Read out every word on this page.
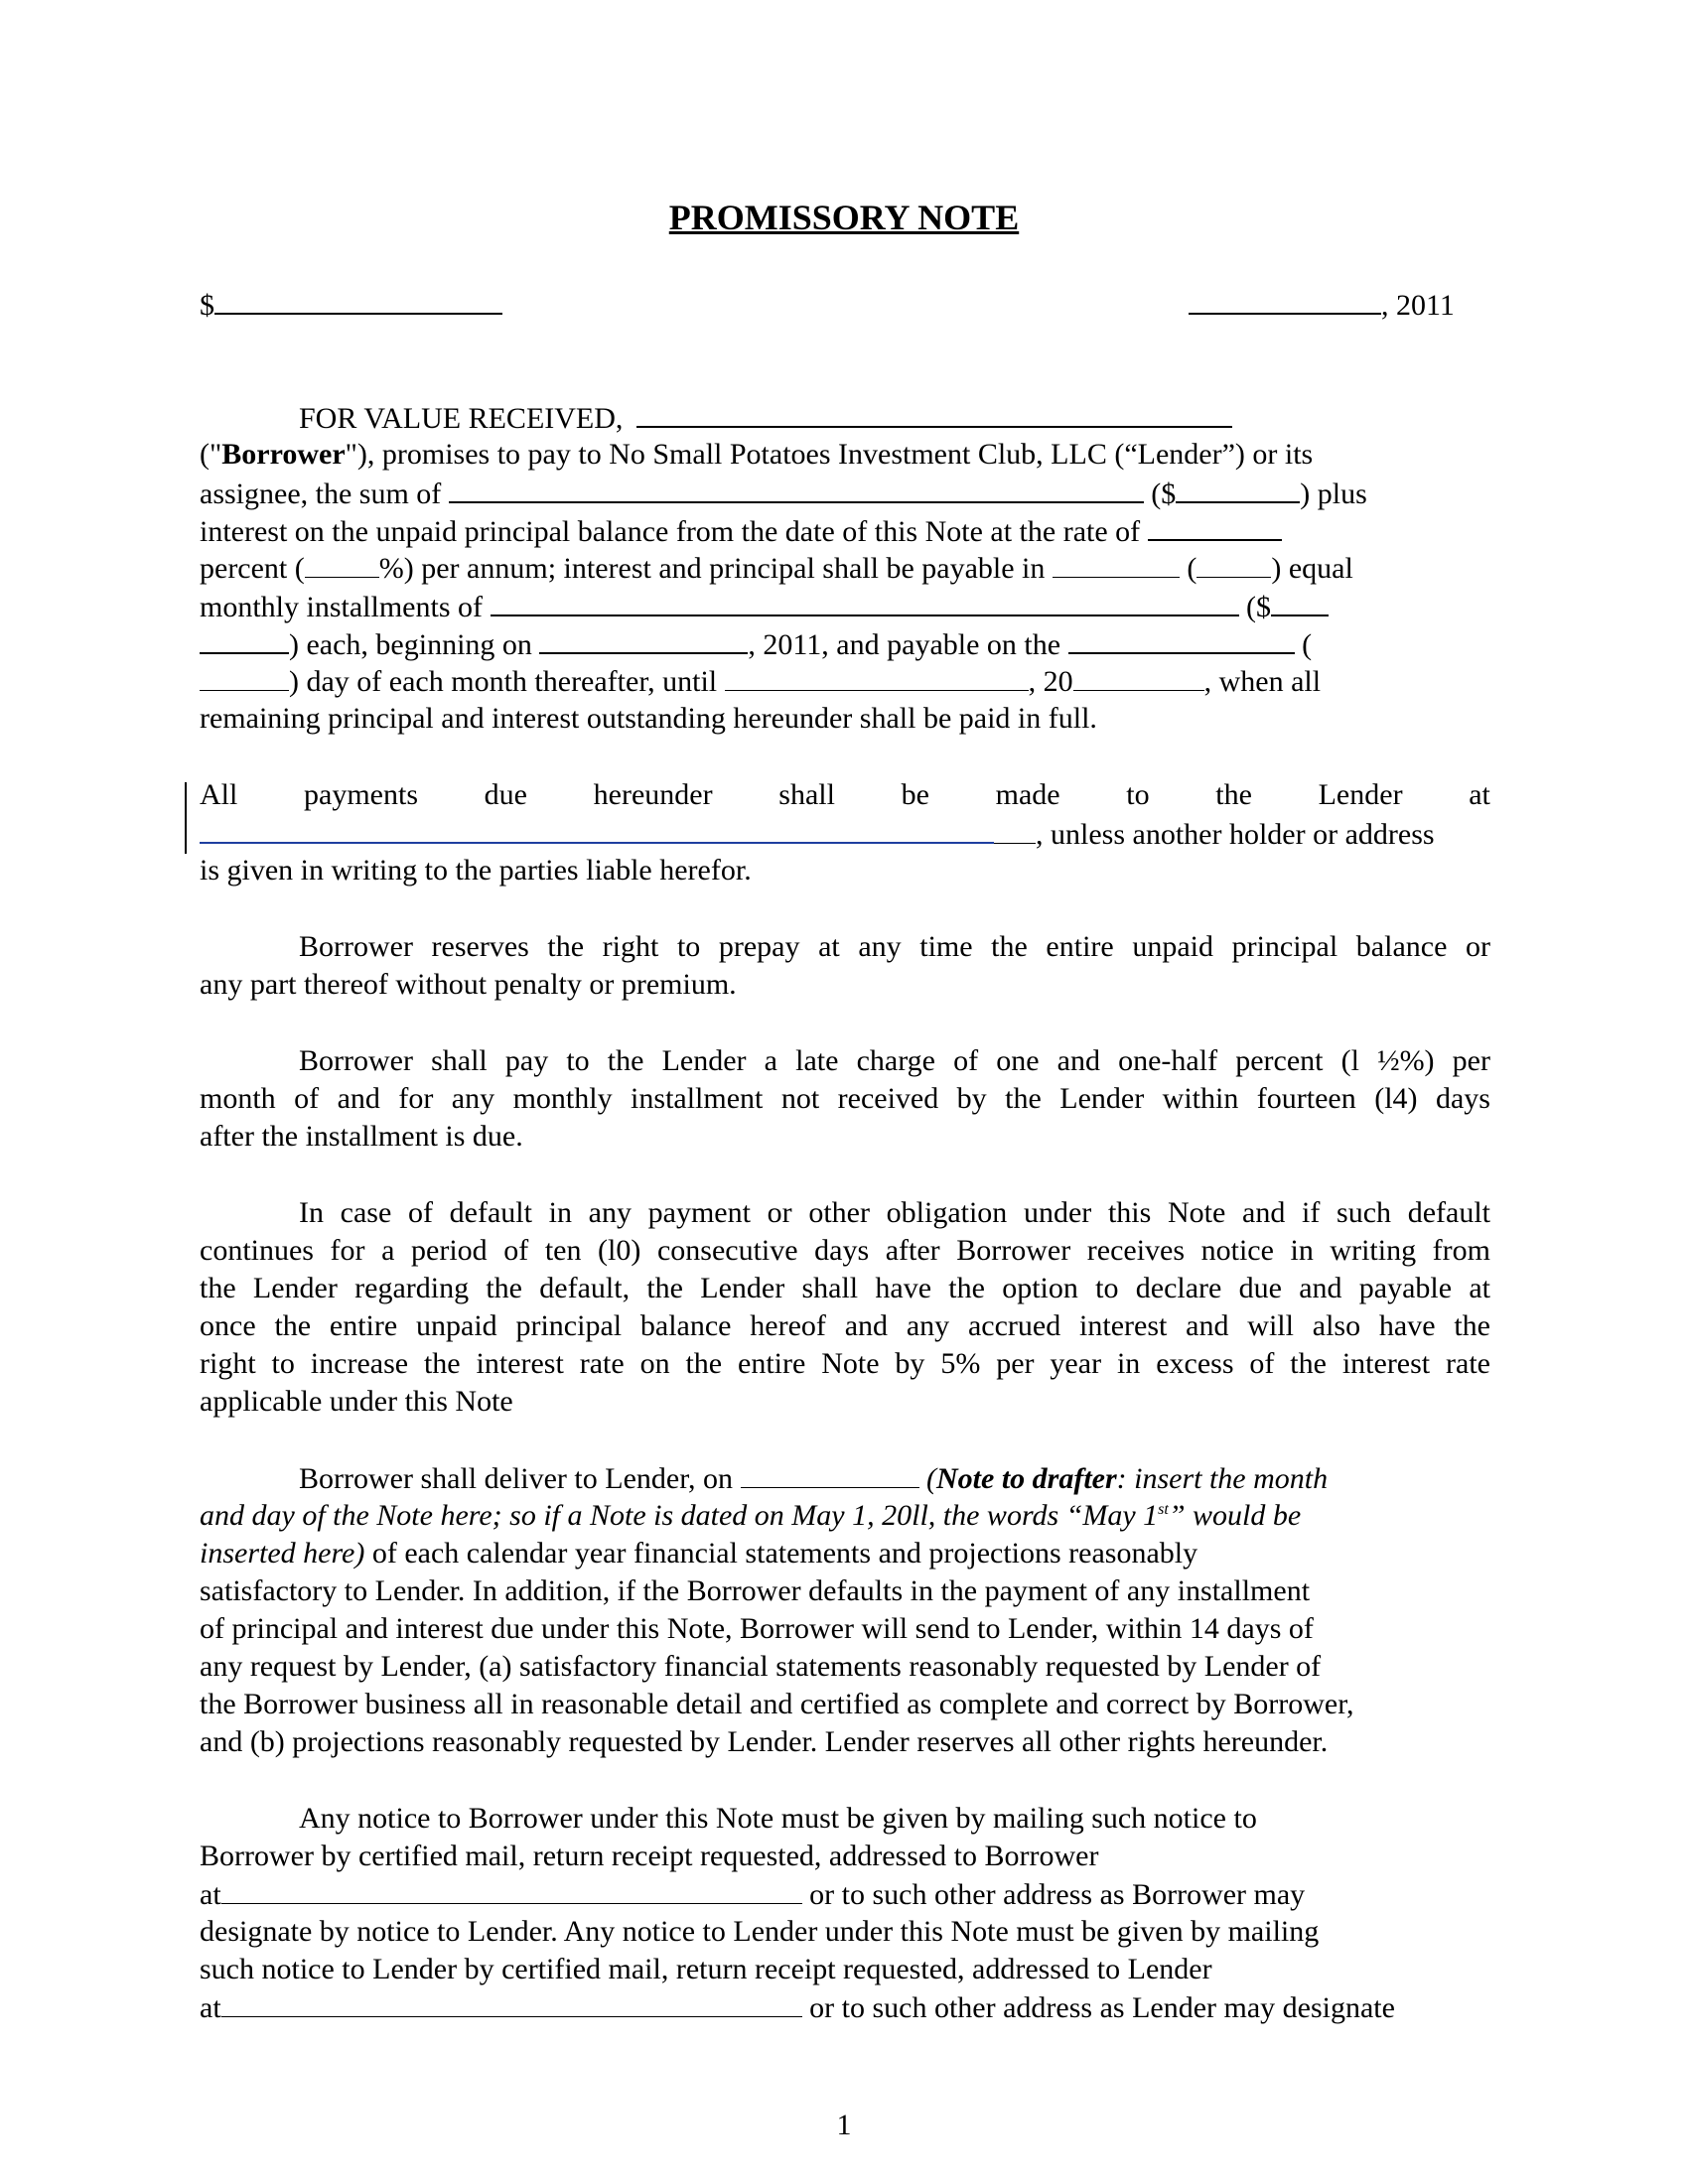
PROMISSORY NOTE
$	, 2011
FOR VALUE RECEIVED,
("Borrower"), promises to pay to No Small Potatoes Investment Club, LLC (“Lender”) or its
assignee, the sum of	($	) plus
interest on the unpaid principal balance from the date of this Note at the rate of
percent (	%) per annum; interest and principal shall be payable in	(	) equal
monthly installments of	($
) each, beginning on	, 2011, and payable on the	(
) day of each month thereafter, until	, 20	, when all
remaining principal and interest outstanding hereunder shall be paid in full.
All payments due hereunder shall be made to the Lender at
, unless another holder or address
is given in writing to the parties liable herefor.
Borrower reserves the right to prepay at any time the entire unpaid principal balance or
any part thereof without penalty or premium.
Borrower shall pay to the Lender a late charge of one and one-half percent (l ½%) per
month of and for any monthly installment not received by the Lender within fourteen (l4) days
after the installment is due.
In case of default in any payment or other obligation under this Note and if such default
continues for a period of ten (l0) consecutive days after Borrower receives notice in writing from
the Lender regarding the default, the Lender shall have the option to declare due and payable at
once the entire unpaid principal balance hereof and any accrued interest and will also have the
right to increase the interest rate on the entire Note by 5% per year in excess of the interest rate
applicable under this Note
Borrower shall deliver to Lender, on	(Note to drafter: insert the month
and day of the Note here; so if a Note is dated on May 1, 20ll, the words “May 1st” would be
inserted here) of each calendar year financial statements and projections reasonably
satisfactory to Lender. In addition, if the Borrower defaults in the payment of any installment
of principal and interest due under this Note, Borrower will send to Lender, within 14 days of
any request by Lender, (a) satisfactory financial statements reasonably requested by Lender of
the Borrower business all in reasonable detail and certified as complete and correct by Borrower,
and (b) projections reasonably requested by Lender. Lender reserves all other rights hereunder.
Any notice to Borrower under this Note must be given by mailing such notice to
Borrower by certified mail, return receipt requested, addressed to Borrower
at	or to such other address as Borrower may
designate by notice to Lender. Any notice to Lender under this Note must be given by mailing
such notice to Lender by certified mail, return receipt requested, addressed to Lender
at	or to such other address as Lender may designate
1
